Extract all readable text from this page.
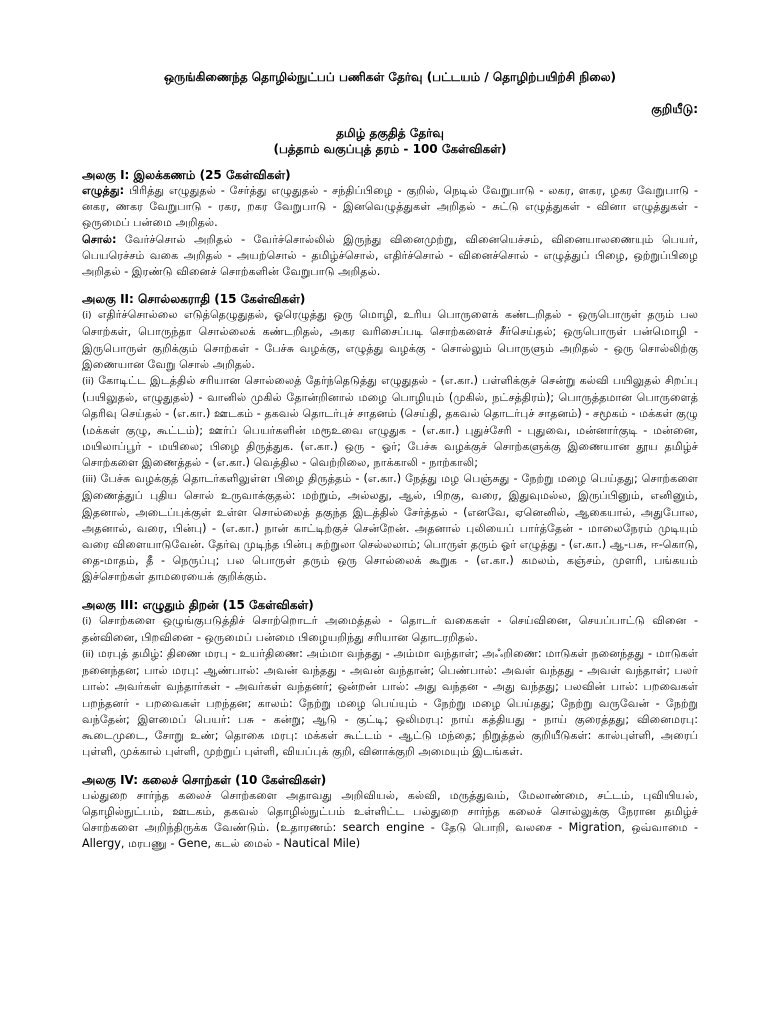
ஒருங்கிணைந்த தொழில்நுட்பப் பணிகள் தேர்வு (பட்டயம் / தொழிற்பயிற்சி நிலை)
குறியீடு:
தமிழ் தகுதித் தேர்வு
(பத்தாம் வகுப்புத் தரம் - 100 கேள்விகள்)

அலகு I: இலக்கணம் (25 கேள்விகள்)

எழுத்து: பிரித்து எழுதுதல் - சேர்த்து எழுதுதல் - சந்திப்பிழை - குறில், நெடில் வேறுபாடு - லகர, ளகர, ழகர வேறுபாடு - னகர, ணகர வேறுபாடு - ரகர, றகர வேறுபாடு - இனவெழுத்துகள் அறிதல் - சுட்டு எழுத்துகள் - வினா எழுத்துகள் - ஒருமைப் பன்மை அறிதல்.

சொல்: வேர்ச்சொல் அறிதல் - வேர்ச்சொல்லில் இருந்து வினைமுற்று, வினையெச்சம், வினையாலணையும் பெயர், பெயரெச்சம் வகை அறிதல் - அயற்சொல் - தமிழ்ச்சொல், எதிர்ச்சொல் - வினைச்சொல் - எழுத்துப் பிழை, ஒற்றுப்பிழை அறிதல் - இரண்டு வினைச் சொற்களின் வேறுபாடு அறிதல்.

அலகு II: சொல்லகராதி (15 கேள்விகள்)

(i) எதிர்ச்சொல்லை எடுத்தெழுதுதல், ஓரெழுத்து ஒரு மொழி, உரிய பொருளைக் கண்டறிதல் - ஒருபொருள் தரும் பல சொற்கள், பொருந்தா சொல்லைக் கண்டறிதல், அகர வரிசைப்படி சொற்களைச் சீர்செய்தல்; ஒருபொருள் பன்மொழி - இருபொருள் குறிக்கும் சொற்கள் - பேச்சு வழக்கு, எழுத்து வழக்கு - சொல்லும் பொருளும் அறிதல் - ஒரு சொல்லிற்கு இணையான வேறு சொல் அறிதல்.

(ii) கோடிட்ட இடத்தில் சரியான சொல்லைத் தேர்ந்தெடுத்து எழுதுதல் - (எ.கா.) பள்ளிக்குச் சென்று கல்வி பயிலுதல் சிறப்பு (பயிலுதல், எழுதுதல்) - வானில் முகில் தோன்றினால் மழை பொழியும் (முகில், நட்சத்திரம்); பொருத்தமான பொருளைத் தெரிவு செய்தல் - (எ.கா.) ஊடகம் - தகவல் தொடர்புச் சாதனம் (செய்தி, தகவல் தொடர்புச் சாதனம்) - சமூகம் - மக்கள் குழு (மக்கள் குழு, கூட்டம்); ஊர்ப் பெயர்களின் மரூஉவை எழுதுக - (எ.கா.) புதுச்சேரி - புதுவை, மன்னார்குடி - மன்னை, மயிலாப்பூர் - மயிலை; பிழை திருத்துக. (எ.கா.) ஒரு - ஓர்; பேச்சு வழக்குச் சொற்களுக்கு இணையான தூய தமிழ்ச் சொற்களை இணைத்தல் - (எ.கா.) வெத்தில - வெற்றிலை, நாக்காலி - நாற்காலி;

(iii) பேச்சு வழக்குத் தொடர்களிலுள்ள பிழை திருத்தம் - (எ.கா.) நேத்து மழ பெஞ்சுது - நேற்று மழை பெய்தது; சொற்களை இணைத்துப் புதிய சொல் உருவாக்குதல்: மற்றும், அல்லது, ஆல், பிறகு, வரை, இதுவுமல்ல, இருப்பினும், எனினும், இதனால், அடைப்புக்குள் உள்ள சொல்லைத் தகுந்த இடத்தில் சேர்த்தல் - (எனவே, ஏனெனில், ஆகையால், அதுபோல, அதனால், வரை, பின்பு) - (எ.கா.) நான் காட்டிற்குச் சென்றேன். அதனால் புலியைப் பார்த்தேன் - மாலைநேரம் முடியும் வரை விளையாடுவேன். தேர்வு முடிந்த பின்பு சுற்றுலா செல்லலாம்; பொருள் தரும் ஓர் எழுத்து - (எ.கா.) ஆ-பசு, ஈ-கொடு, தை-மாதம், தீ - நெருப்பு; பல பொருள் தரும் ஒரு சொல்லைக் கூறுக - (எ.கா.) கமலம், கஞ்சம், முளரி, பங்கயம் இச்சொற்கள் தாமரையைக் குறிக்கும்.

அலகு III: எழுதும் திறன் (15 கேள்விகள்)

(i) சொற்களை ஒழுங்குபடுத்திச் சொற்றொடர் அமைத்தல் - தொடர் வகைகள் - செய்வினை, செயப்பாட்டு வினை - தன்வினை, பிறவினை - ஒருமைப் பன்மை பிழையறிந்து சரியான தொடரறிதல்.

(ii) மரபுத் தமிழ்: திணை மரபு - உயர்திணை: அம்மா வந்தது - அம்மா வந்தாள்; அஃறிணை: மாடுகள் நனைந்தது - மாடுகள் நனைந்தன; பால் மரபு: ஆண்பால்: அவன் வந்தது - அவன் வந்தான்; பெண்பால்: அவள் வந்தது - அவள் வந்தாள்; பலர் பால்: அவர்கள் வந்தார்கள் - அவர்கள் வந்தனர்; ஒன்றன் பால்: அது வந்தன - அது வந்தது; பலவின் பால்: பறவைகள் பறந்தனர் - பறவைகள் பறந்தன; காலம்: நேற்று மழை பெய்யும் - நேற்று மழை பெய்தது; நேற்று வருவேன் - நேற்று வந்தேன்; இளமைப் பெயர்: பசு - கன்று; ஆடு - குட்டி; ஒலிமரபு: நாய் கத்தியது - நாய் குரைத்தது; வினைமரபு: கூடைமுடை, சோறு உண்; தொகை மரபு: மக்கள் கூட்டம் - ஆட்டு மந்தை; நிறுத்தல் குறியீடுகள்: கால்புள்ளி, அரைப் புள்ளி, முக்கால் புள்ளி, முற்றுப் புள்ளி, வியப்புக் குறி, வினாக்குறி அமையும் இடங்கள்.

அலகு IV: கலைச் சொற்கள் (10 கேள்விகள்)

பல்துறை சார்ந்த கலைச் சொற்களை அதாவது அறிவியல், கல்வி, மருத்துவம், மேலாண்மை, சட்டம், புவியியல், தொழில்நுட்பம், ஊடகம், தகவல் தொழில்நுட்பம் உள்ளிட்ட பல்துறை சார்ந்த கலைச் சொல்லுக்கு நேரான தமிழ்ச் சொற்களை அறிந்திருக்க வேண்டும். (உதாரணம்: search engine - தேடு பொறி, வலசை - Migration, ஒவ்வாமை - Allergy, மரபணு - Gene, கடல் மைல் - Nautical Mile)
